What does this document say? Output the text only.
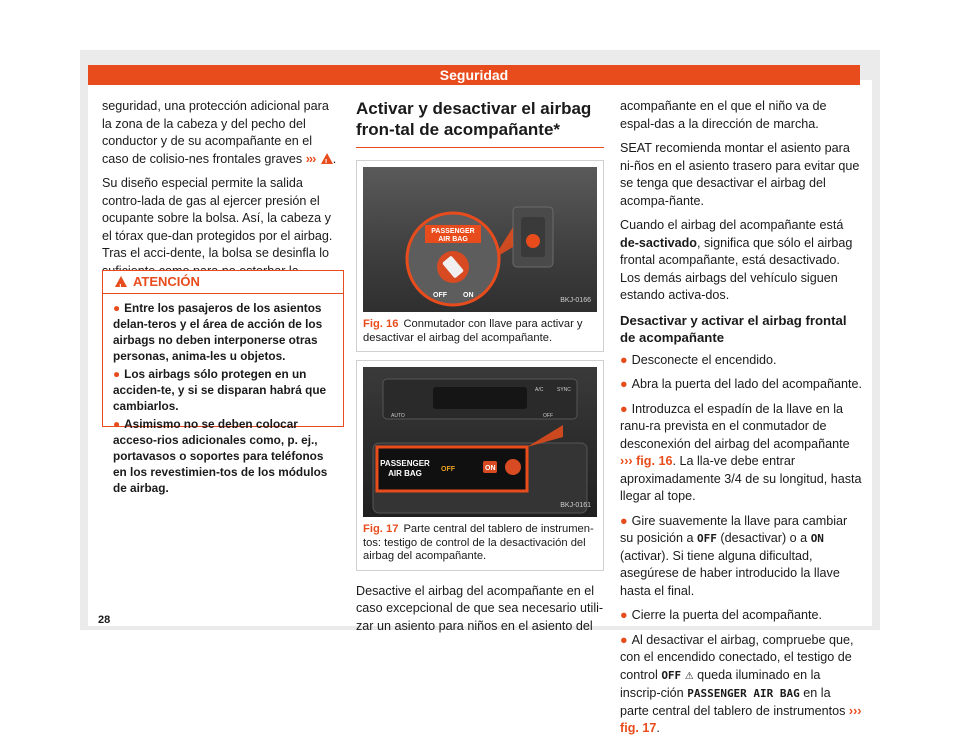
Seguridad

seguridad, una protección adicional para la zona de la cabeza y del pecho del conductor y de su acompañante en el caso de colisio-nes frontales graves ››› ! .

Su diseño especial permite la salida contro-lada de gas al ejercer presión el ocupante sobre la bolsa. Así, la cabeza y el tórax que-dan protegidos por el airbag. Tras el acci-dente, la bolsa se desinfla lo

!ATENCIÓN
● Entre los pasajeros de los asientos delan-teros y el área de acción de los airbags no deben interponerse otras personas, anima-les u objetos.
● Los airbags sólo protegen en un acciden-te, y si se disparan habrá que cambiarlos.
● Asimismo no se deben colocar acceso-rios adicionales como, p. ej., portavasos o soportes para teléfonos en los revestimien-tos de los módulos de airbag.
Activar y desactivar el airbag fron-tal de acompañante*
PASSENGER
AIR BAG
OFF ON
BKJ-0166
Fig. 16 Conmutador con llave para activar y desactivar el airbag del acompañante.
AUTO	OFF
A/C	SYNC
PASSENGER
AIR BAG	OFF	ON
BKJ-0161
Fig. 17 Parte central del tablero de instrumen-tos: testigo de control de la desactivación del airbag del acompañante.

Desactive el airbag del acompañante en el caso excepcional de que sea necesario utili-zar un asiento para niños en el asiento del

acompañante en el que el niño va de espal-das a la dirección de marcha.

SEAT recomienda montar el asiento para ni-ños en el asiento trasero para evitar que se tenga que desactivar el airbag del acompa-ñante.

Cuando el airbag del acompañante está de-sactivado, significa que sólo el airbag frontal acompañante, está desactivado. Los demás airbags del vehículo siguen estando activa-dos.

Desactivar y activar el airbag frontal de acompañante

● Desconecte el encendido.

● Abra la puerta del lado del acompañante.

● Introduzca el espadín de la llave en la ranu-ra prevista en el conmutador de desconexión del airbag del acompañante ››› fig. 16. La lla-ve debe entrar aproximadamente 3/4 de su longitud, hasta llegar al tope.

● Gire suavemente la llave para cambiar su posición a OFF (desactivar) o a ON (activar). Si tiene alguna dificultad, asegúrese de haber introducido la llave hasta el final.

● Cierre la puerta del acompañante.

● Al desactivar el airbag, compruebe que, con el encendido conectado, el testigo de control OFF ⚠ queda iluminado en la inscrip-ción PASSENGER AIR BAG en la parte central del tablero de instrumentos ››› fig. 17.

28
